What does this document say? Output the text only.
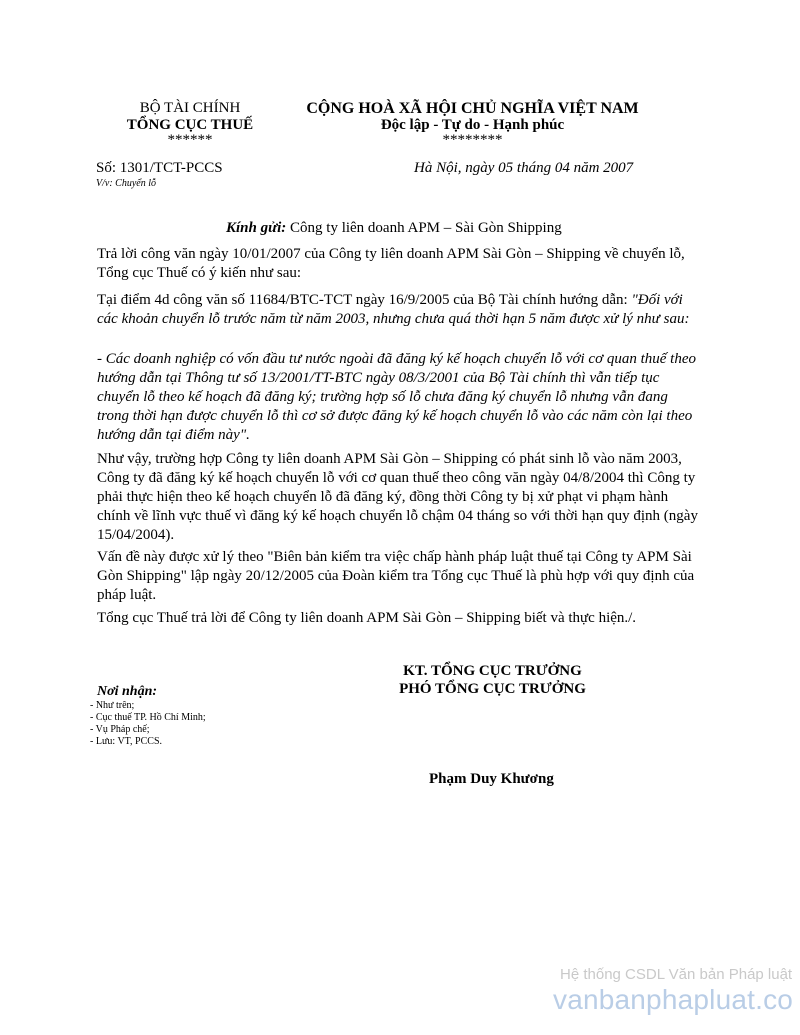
BỘ TÀI CHÍNH
TỔNG CỤC THUẾ
******
CỘNG HOÀ XÃ HỘI CHỦ NGHĨA VIỆT NAM
Độc lập - Tự do - Hạnh phúc
********
Số: 1301/TCT-PCCS
V/v: Chuyển lỗ
Hà Nội, ngày 05 tháng 04 năm 2007
Kính gửi: Công ty liên doanh APM – Sài Gòn Shipping
Trả lời công văn ngày 10/01/2007 của Công ty liên doanh APM Sài Gòn – Shipping về chuyển lỗ, Tổng cục Thuế có ý kiến như sau:
Tại điểm 4d công văn số 11684/BTC-TCT ngày 16/9/2005 của Bộ Tài chính hướng dẫn: "Đối với các khoản chuyển lỗ trước năm từ năm 2003, nhưng chưa quá thời hạn 5 năm được xử lý như sau:
- Các doanh nghiệp có vốn đầu tư nước ngoài đã đăng ký kế hoạch chuyển lỗ với cơ quan thuế theo hướng dẫn tại Thông tư số 13/2001/TT-BTC ngày 08/3/2001 của Bộ Tài chính thì vẫn tiếp tục chuyển lỗ theo kế hoạch đã đăng ký; trường hợp số lỗ chưa đăng ký chuyển lỗ nhưng vẫn đang trong thời hạn được chuyển lỗ thì cơ sở được đăng ký kế hoạch chuyển lỗ vào các năm còn lại theo hướng dẫn tại điểm này".
Như vậy, trường hợp Công ty liên doanh APM Sài Gòn – Shipping có phát sinh lỗ vào năm 2003, Công ty đã đăng ký kế hoạch chuyển lỗ với cơ quan thuế theo công văn ngày 04/8/2004 thì Công ty phải thực hiện theo kế hoạch chuyển lỗ đã đăng ký, đồng thời Công ty bị xử phạt vi phạm hành chính về lĩnh vực thuế vì đăng ký kế hoạch chuyển lỗ chậm 04 tháng so với thời hạn quy định (ngày 15/04/2004).
Vấn đề này được xử lý theo "Biên bản kiểm tra việc chấp hành pháp luật thuế tại Công ty APM Sài Gòn Shipping" lập ngày 20/12/2005 của Đoàn kiểm tra Tổng cục Thuế là phù hợp với quy định của pháp luật.
Tổng cục Thuế trả lời để Công ty liên doanh APM Sài Gòn – Shipping biết và thực hiện./.
KT. TỔNG CỤC TRƯỞNG
PHÓ TỔNG CỤC TRƯỞNG
Phạm Duy Khương
Nơi nhận:
- Như trên;
- Cục thuế TP. Hồ Chí Minh;
- Vụ Pháp chế;
- Lưu: VT, PCCS.
Hệ thống CSDL Văn bản Pháp luật
vanbanphapluat.co
